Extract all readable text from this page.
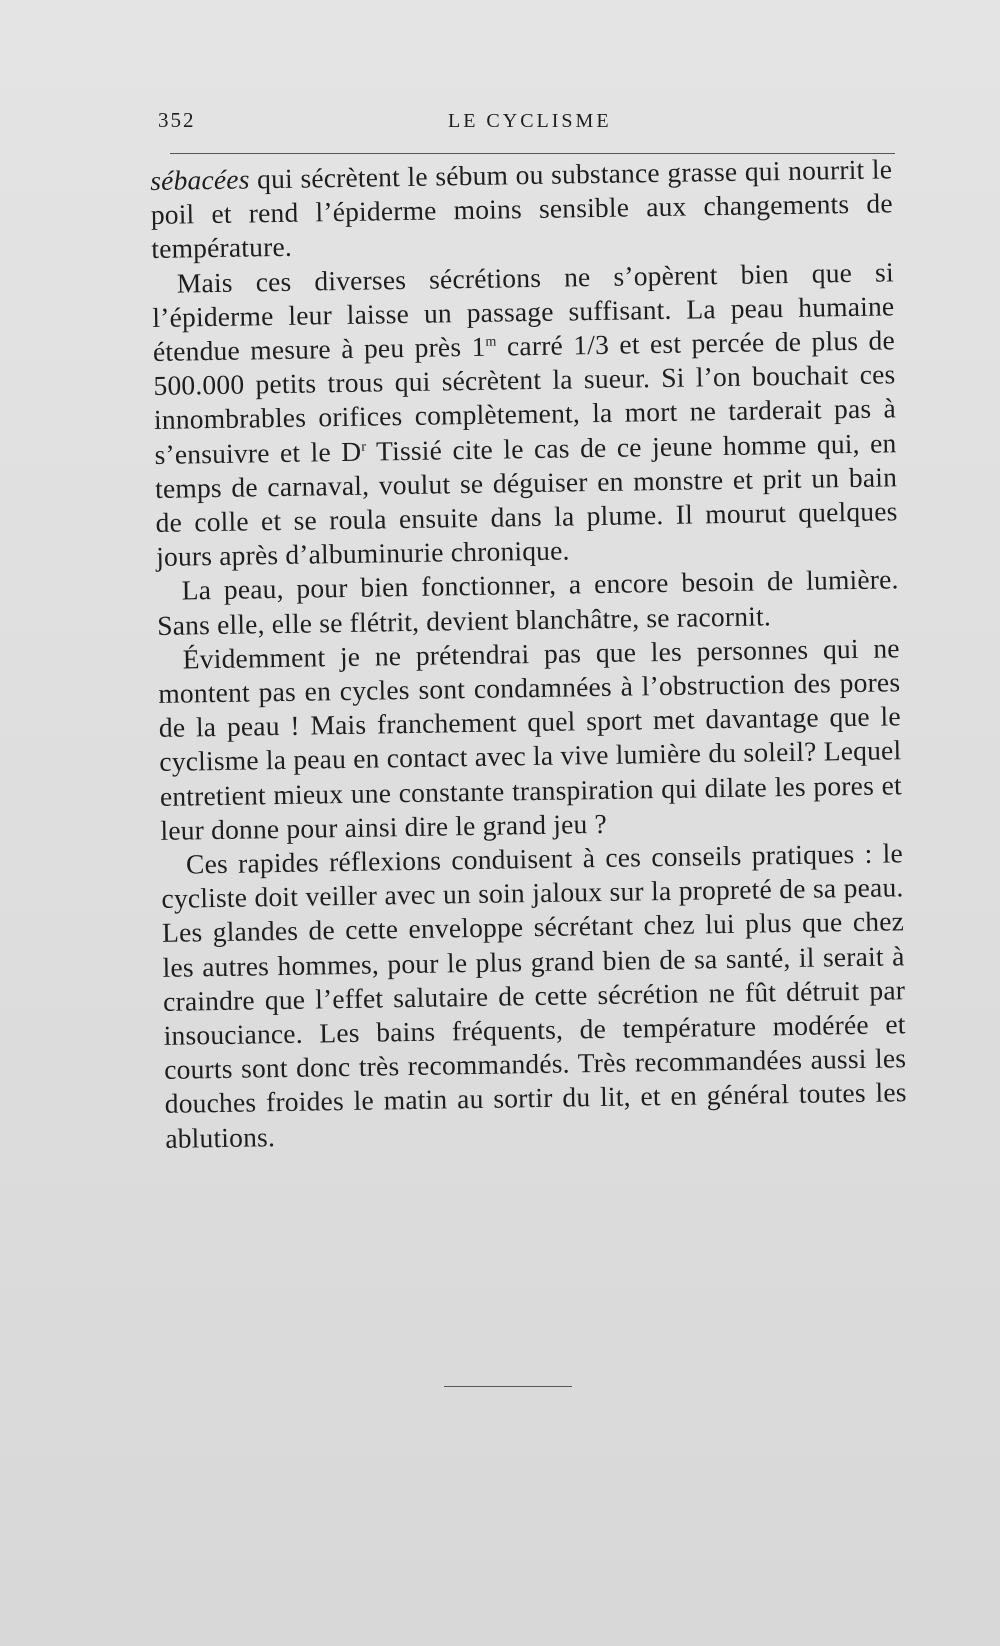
352	LE CYCLISME

sébacées qui sécrètent le sébum ou substance grasse qui nourrit le poil et rend l’épiderme moins sensible aux changements de température.

Mais ces diverses sécrétions ne s’opèrent bien que si l’épiderme leur laisse un passage suffisant. La peau humaine étendue mesure à peu près 1$^m$ carré 1/3 et est percée de plus de 500.000 petits trous qui sécrètent la sueur. Si l’on bouchait ces innombrables orifices complètement, la mort ne tarderait pas à s’ensuivre et le $D^r$ Tissié cite le cas de ce jeune homme qui, en temps de carnaval, voulut se déguiser en monstre et prit un bain de colle et se roula ensuite dans la plume. Il mourut quelques jours après d’albuminurie chronique.

La peau, pour bien fonctionner, a encore besoin de lumière. Sans elle, elle se flétrit, devient blanchâtre, se racornit.

Évidemment je ne prétendrai pas que les personnes qui ne montent pas en cycles sont condamnées à l’obstruction des pores de la peau ! Mais franchement quel sport met davantage que le cyclisme la peau en contact avec la vive lumière du soleil? Lequel entretient mieux une constante transpiration qui dilate les pores et leur donne pour ainsi dire le grand jeu ?

Ces rapides réflexions conduisent à ces conseils pratiques : le cycliste doit veiller avec un soin jaloux sur la propreté de sa peau. Les glandes de cette enveloppe sécrétant chez lui plus que chez les autres hommes, pour le plus grand bien de sa santé, il serait à craindre que l’effet salutaire de cette sécrétion ne fût détruit par insouciance. Les bains fréquents, de température modérée et courts sont donc très recommandés. Très recommandées aussi les douches froides le matin au sortir du lit, et en général toutes les ablutions.
